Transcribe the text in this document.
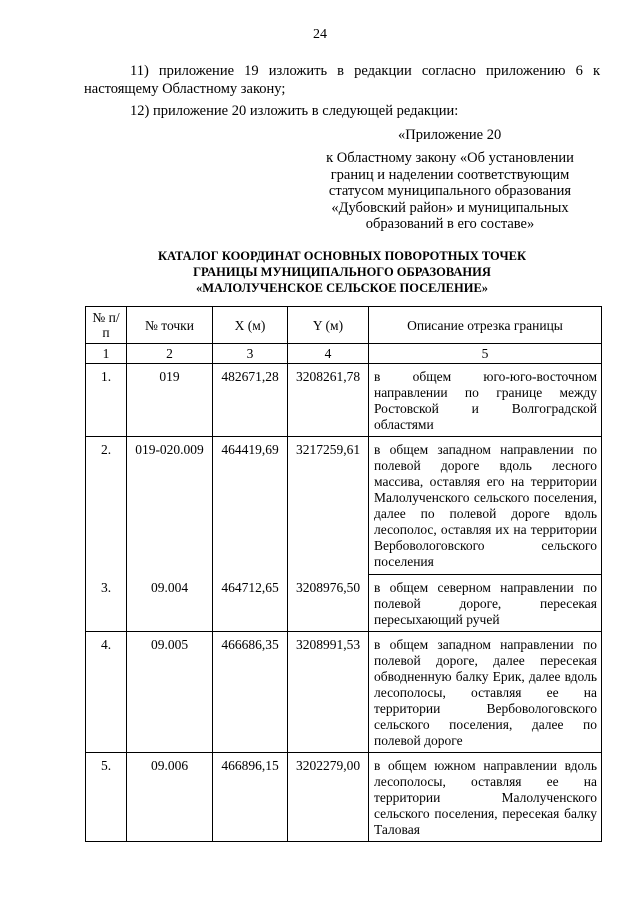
24
11) приложение 19 изложить в редакции согласно приложению 6 к настоящему Областному закону;
12) приложение 20 изложить в следующей редакции:
«Приложение 20
к Областному закону «Об установлении границ и наделении соответствующим статусом муниципального образования «Дубовский район» и муниципальных образований в его составе»
КАТАЛОГ КООРДИНАТ ОСНОВНЫХ ПОВОРОТНЫХ ТОЧЕК
ГРАНИЦЫ МУНИЦИПАЛЬНОГО ОБРАЗОВАНИЯ
«МАЛОЛУЧЕНСКОЕ СЕЛЬСКОЕ ПОСЕЛЕНИЕ»
№ п/п	№ точки	X (м)	Y (м)	Описание отрезка границы
1	2	3	4	5
1.	019	482671,28	3208261,78	в общем юго-юго-восточном направлении по границе между Ростовской и Волгоградской областями
2.	019-020.009	464419,69	3217259,61	в общем западном направлении по полевой дороге вдоль лесного массива, оставляя его на территории Малолученского сельского поселения, далее по полевой дороге вдоль лесополос, оставляя их на территории Вербовологовского сельского поселения
3.	09.004	464712,65	3208976,50	в общем северном направлении по полевой дороге, пересекая пересыхающий ручей
4.	09.005	466686,35	3208991,53	в общем западном направлении по полевой дороге, далее пересекая обводненную балку Ерик, далее вдоль лесополосы, оставляя ее на территории Вербовологовского сельского поселения, далее по полевой дороге
5.	09.006	466896,15	3202279,00	в общем южном направлении вдоль лесополосы, оставляя ее на территории Малолученского сельского поселения, пересекая балку Таловая
